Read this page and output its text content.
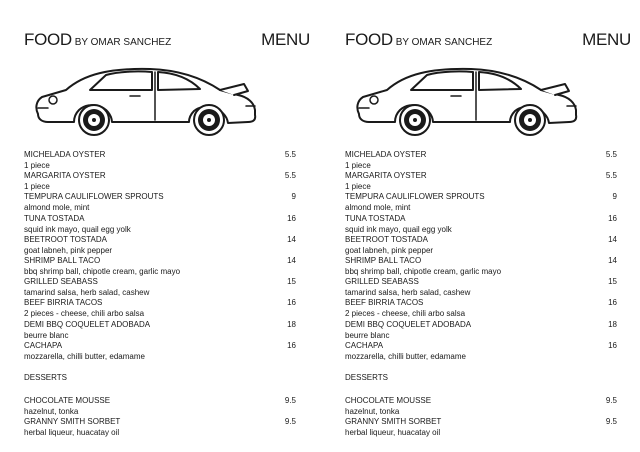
FOOD BY OMAR SANCHEZ	MENU
MICHELADA OYSTER
1 piece
5.5
MARGARITA OYSTER
1 piece
5.5
TEMPURA CAULIFLOWER SPROUTS
almond mole, mint
9
TUNA TOSTADA
squid ink mayo, quail egg yolk
16
BEETROOT TOSTADA
goat labneh, pink pepper
14
SHRIMP BALL TACO
bbq shrimp ball, chipotle cream, garlic mayo
14
GRILLED SEABASS
tamarind salsa, herb salad, cashew
15
BEEF BIRRIA TACOS
2 pieces - cheese, chili arbo salsa
16
DEMI BBQ COQUELET ADOBADA
beurre blanc
18
CACHAPA
mozzarella, chilli butter, edamame
16
DESSERTS
CHOCOLATE MOUSSE
hazelnut, tonka
9.5
GRANNY SMITH SORBET
herbal liqueur, huacatay oil
9.5
FOOD BY OMAR SANCHEZ	MENU
MICHELADA OYSTER
1 piece
5.5
MARGARITA OYSTER
1 piece
5.5
TEMPURA CAULIFLOWER SPROUTS
almond mole, mint
9
TUNA TOSTADA
squid ink mayo, quail egg yolk
16
BEETROOT TOSTADA
goat labneh, pink pepper
14
SHRIMP BALL TACO
bbq shrimp ball, chipotle cream, garlic mayo
14
GRILLED SEABASS
tamarind salsa, herb salad, cashew
15
BEEF BIRRIA TACOS
2 pieces - cheese, chili arbo salsa
16
DEMI BBQ COQUELET ADOBADA
beurre blanc
18
CACHAPA
mozzarella, chilli butter, edamame
16
DESSERTS
CHOCOLATE MOUSSE
hazelnut, tonka
9.5
GRANNY SMITH SORBET
herbal liqueur, huacatay oil
9.5
